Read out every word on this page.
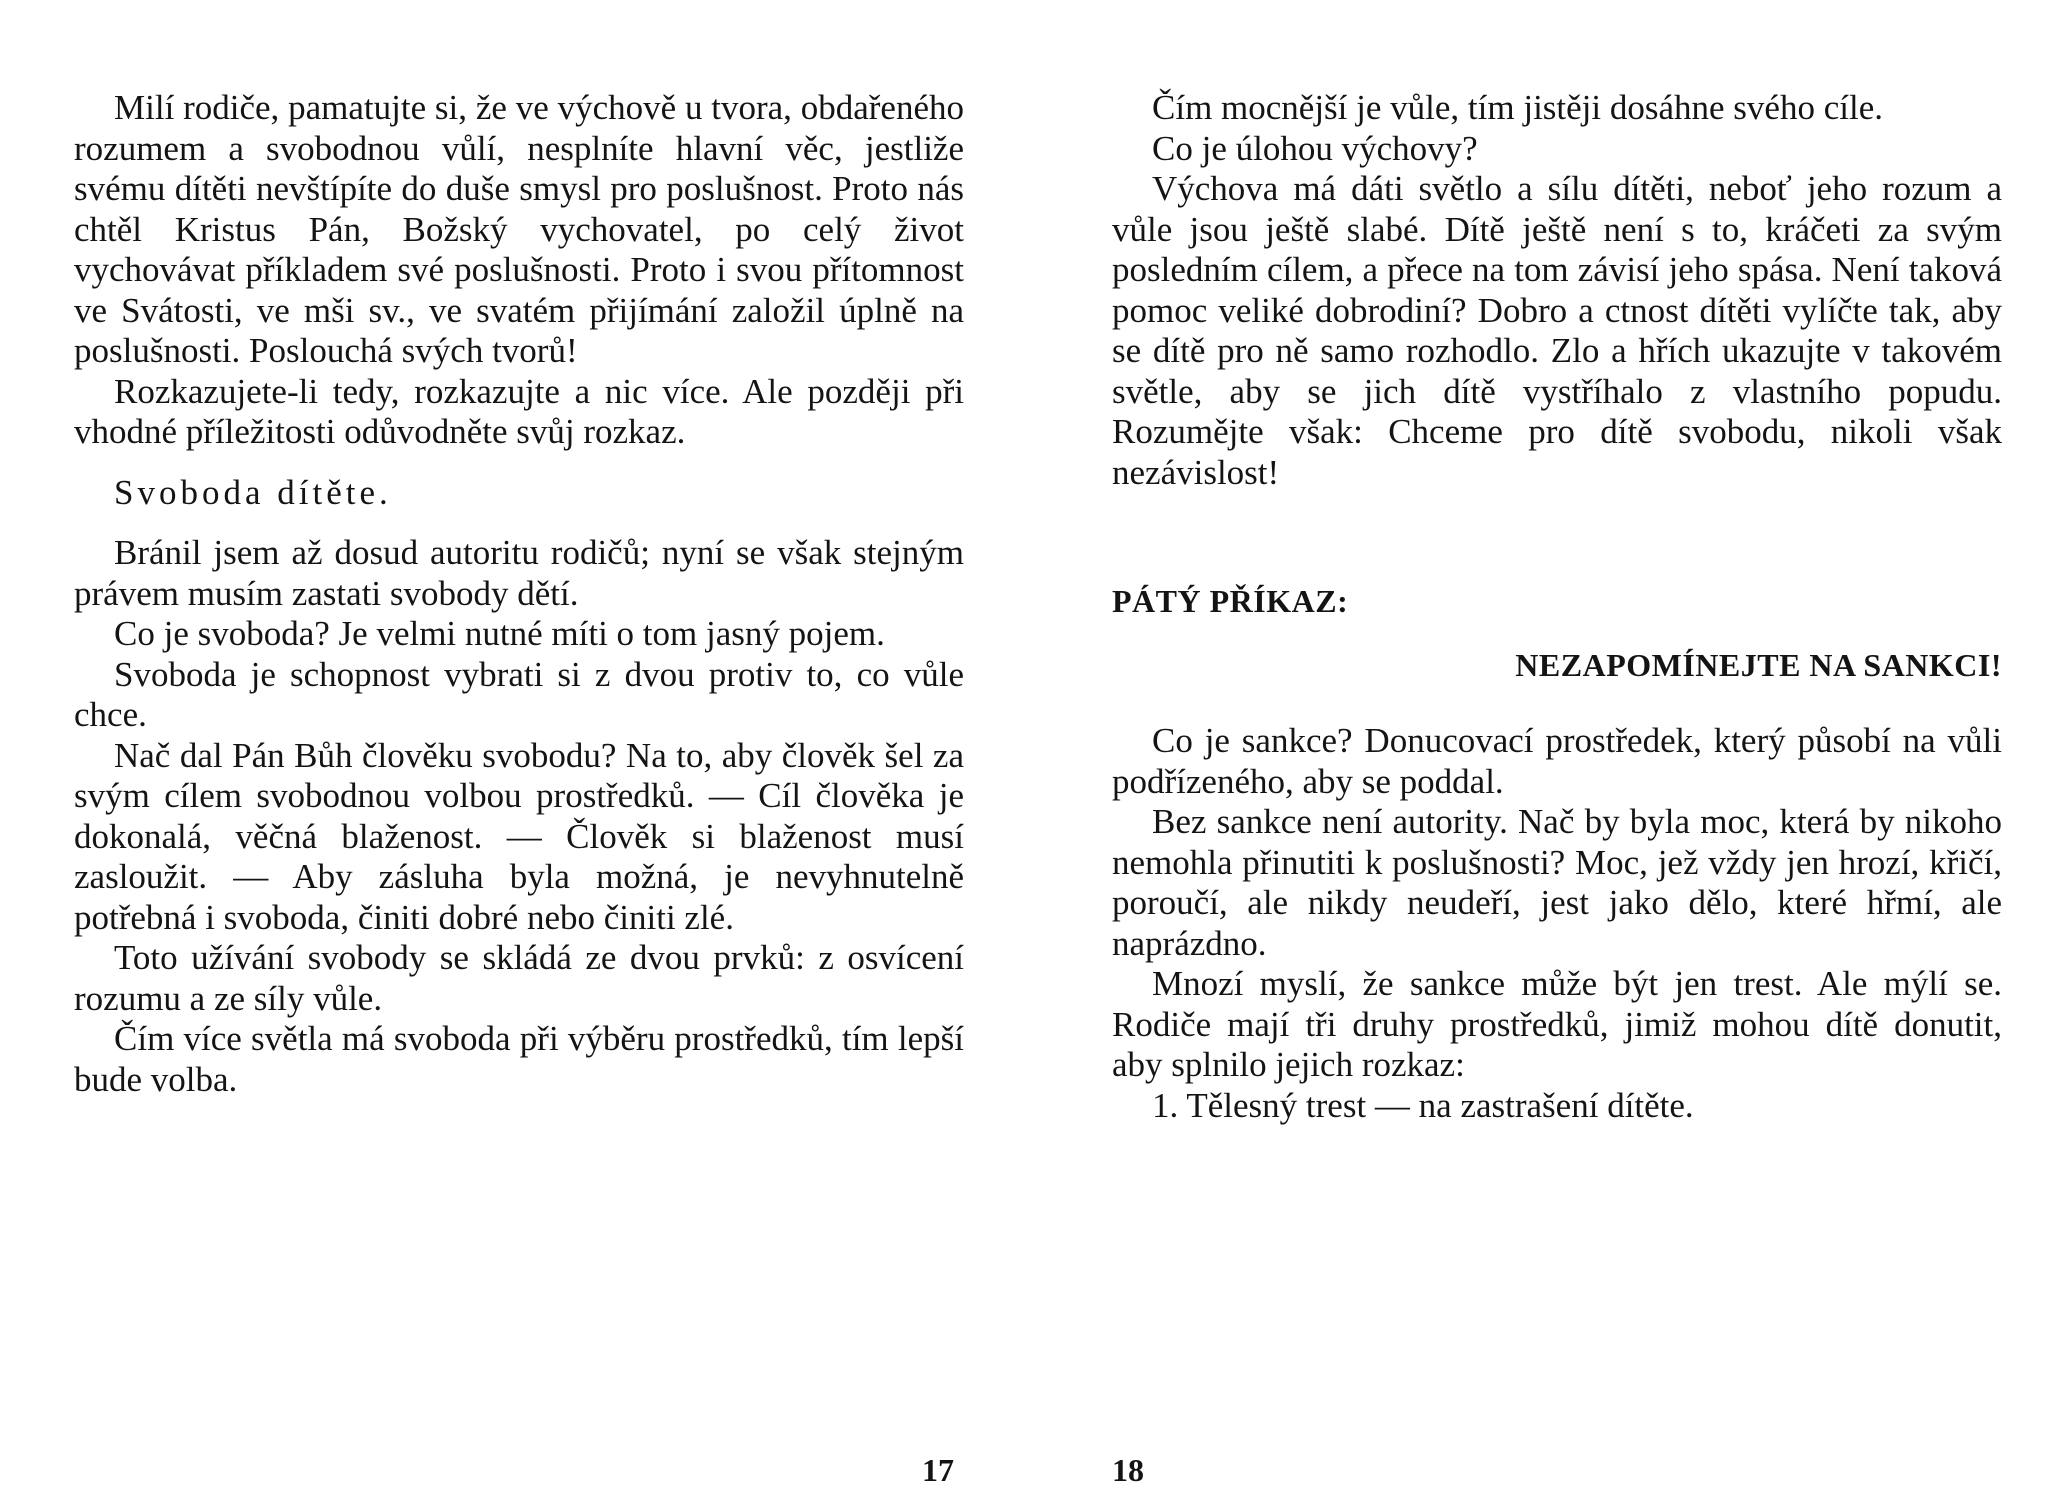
Milí rodiče, pamatujte si, že ve výchově u tvora, obdařeného rozumem a svobodnou vůlí, nesplníte hlavní věc, jestliže svému dítěti nevštípíte do duše smysl pro poslušnost. Proto nás chtěl Kristus Pán, Božský vychovatel, po celý život vychovávat příkladem své poslušnosti. Proto i svou přítomnost ve Svátosti, ve mši sv., ve svatém přijímání založil úplně na poslušnosti. Poslouchá svých tvorů!

Rozkazujete-li tedy, rozkazujte a nic více. Ale později při vhodné příležitosti odůvodněte svůj rozkaz.

Svoboda dítěte.

Bránil jsem až dosud autoritu rodičů; nyní se však stejným právem musím zastati svobody dětí.

Co je svoboda? Je velmi nutné míti o tom jasný pojem.

Svoboda je schopnost vybrati si z dvou protiv to, co vůle chce.

Nač dal Pán Bůh člověku svobodu? Na to, aby člověk šel za svým cílem svobodnou volbou prostředků. — Cíl člověka je dokonalá, věčná blaženost. — Člověk si blaženost musí zasloužit. — Aby zásluha byla možná, je nevyhnutelně potřebná i svoboda, činiti dobré nebo činiti zlé.

Toto užívání svobody se skládá ze dvou prvků: z osvícení rozumu a ze síly vůle.

Čím více světla má svoboda při výběru prostředků, tím lepší bude volba.

17

Čím mocnější je vůle, tím jistěji dosáhne svého cíle.

Co je úlohou výchovy?

Výchova má dáti světlo a sílu dítěti, neboť jeho rozum a vůle jsou ještě slabé. Dítě ještě není s to, kráčeti za svým posledním cílem, a přece na tom závisí jeho spása. Není taková pomoc veliké dobrodiní? Dobro a ctnost dítěti vylíčte tak, aby se dítě pro ně samo rozhodlo. Zlo a hřích ukazujte v takovém světle, aby se jich dítě vystříhalo z vlastního popudu. Rozumějte však: Chceme pro dítě svobodu, nikoli však nezávislost!

PÁTÝ PŘÍKAZ:

NEZAPOMÍNEJTE NA SANKCI!

Co je sankce? Donucovací prostředek, který působí na vůli podřízeného, aby se poddal.

Bez sankce není autority. Nač by byla moc, která by nikoho nemohla přinutiti k poslušnosti? Moc, jež vždy jen hrozí, křičí, poroučí, ale nikdy neudeří, jest jako dělo, které hřmí, ale naprázdno.

Mnozí myslí, že sankce může být jen trest. Ale mýlí se. Rodiče mají tři druhy prostředků, jimiž mohou dítě donutit, aby splnilo jejich rozkaz:

1. Tělesný trest — na zastrašení dítěte.

18
